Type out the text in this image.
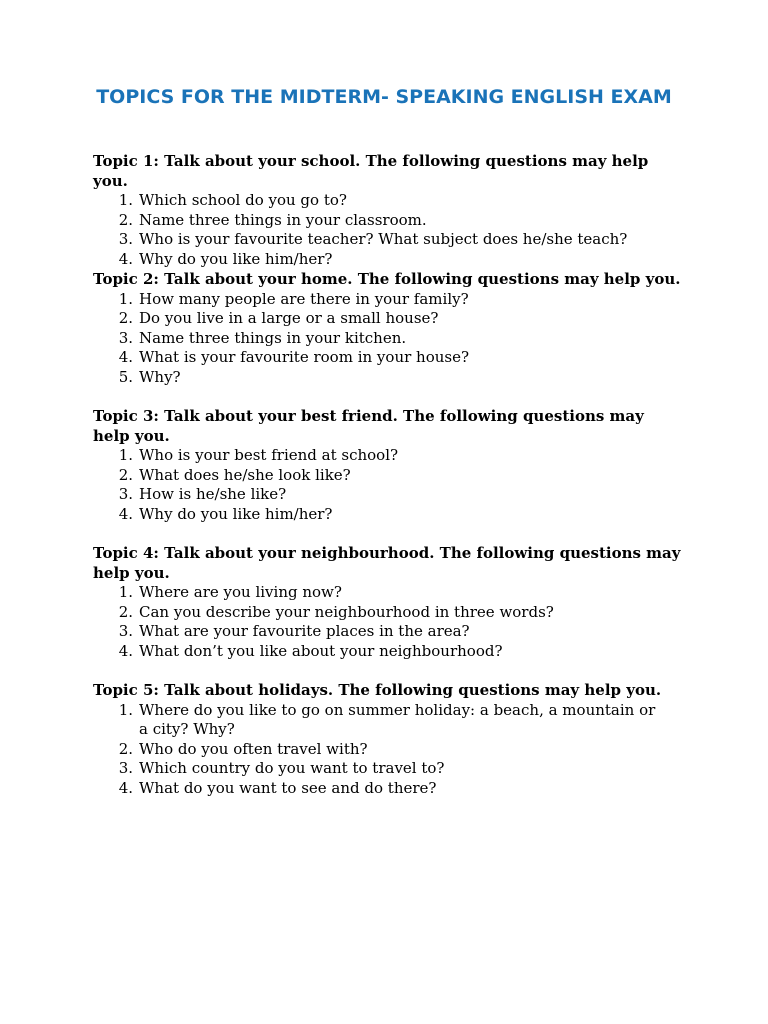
TOPICS FOR THE MIDTERM- SPEAKING ENGLISH EXAM

Topic 1: Talk about your school. The following questions may help you.

1. Which school do you go to?
2. Name three things in your classroom.
3. Who is your favourite teacher? What subject does he/she teach?
4. Why do you like him/her?

Topic 2: Talk about your home. The following questions may help you.

1. How many people are there in your family?
2. Do you live in a large or a small house?
3. Name three things in your kitchen.
4. What is your favourite room in your house?
5. Why?

Topic 3: Talk about your best friend. The following questions may help you.

1. Who is your best friend at school?
2. What does he/she look like?
3. How is he/she like?
4. Why do you like him/her?

Topic 4: Talk about your neighbourhood. The following questions may help you.

1. Where are you living now?
2. Can you describe your neighbourhood in three words?
3. What are your favourite places in the area?
4. What don’t you like about your neighbourhood?

Topic 5: Talk about holidays. The following questions may help you.

1. Where do you like to go on summer holiday: a beach, a mountain or a city? Why?
2. Who do you often travel with?
3. Which country do you want to travel to?
4. What do you want to see and do there?
